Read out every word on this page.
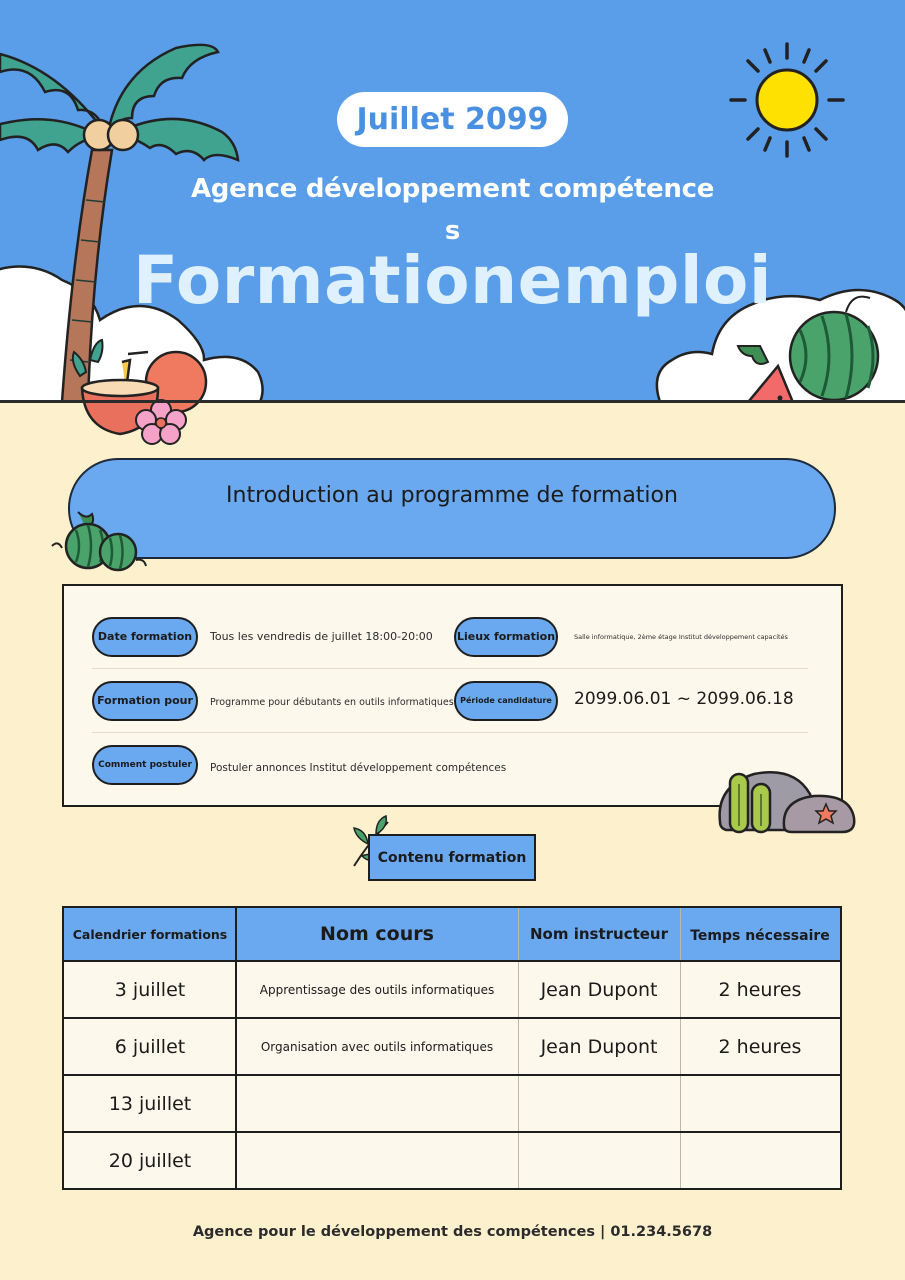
Juillet 2099
Agence développement compétence
s
Formationemploi
Introduction au programme de formation
Date formation	Tous les vendredis de juillet 18:00-20:00 Lieux formation	Salle informatique, 2ème étage Institut développement capacités
Formation pour	Programme pour débutants en outils informatiques Période candidature	2099.06.01 ~ 2099.06.18
Comment postuler	Postuler annonces Institut développement compétences
Contenu formation
Calendrier formations	Nom cours	Nom instructeur	Temps nécessaire
3 juillet	Apprentissage des outils informatiques	Jean Dupont	2 heures
6 juillet	Organisation avec outils informatiques	Jean Dupont	2 heures
13 juillet
20 juillet
Agence pour le développement des compétences | 01.234.5678
